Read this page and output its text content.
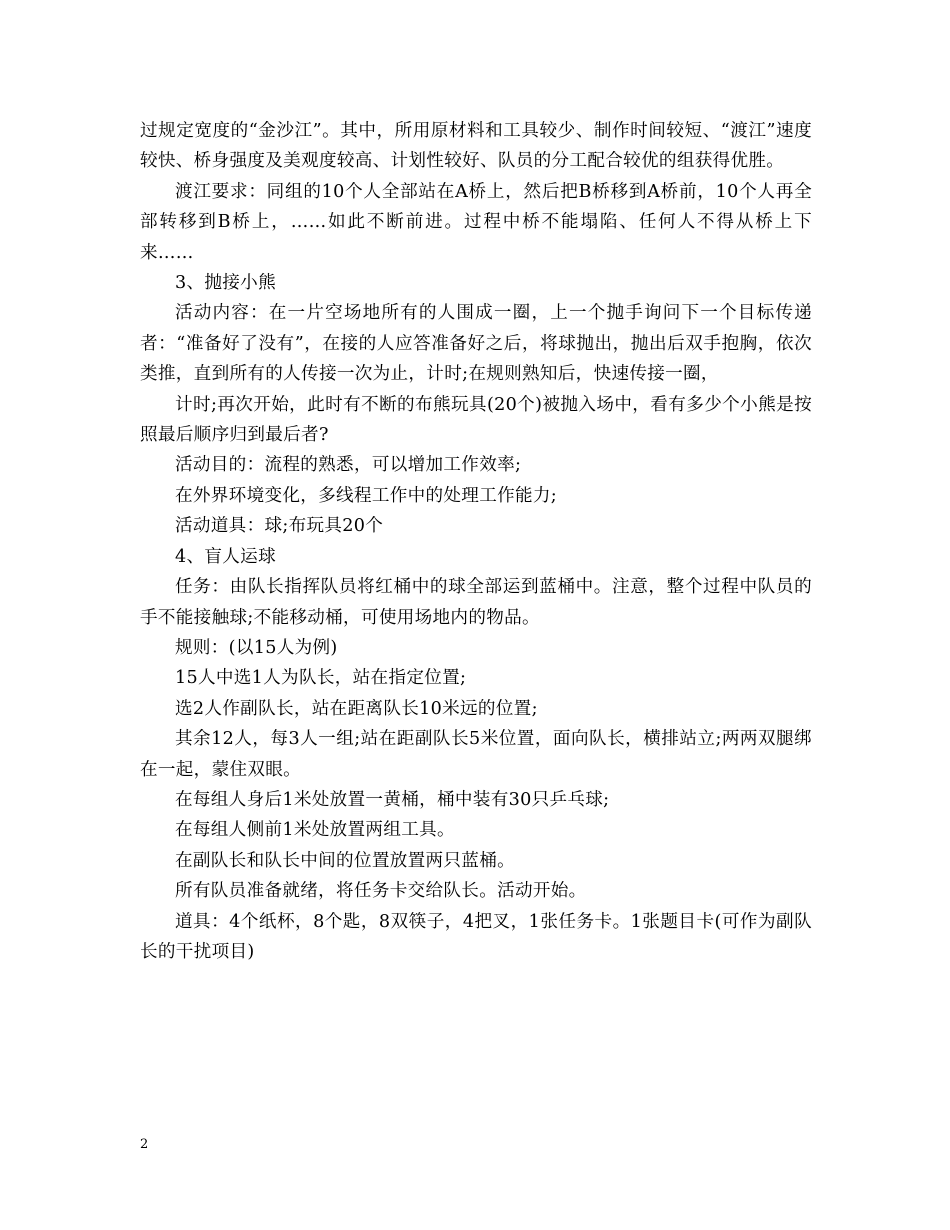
过规定宽度的“金沙江”。其中，所用原材料和工具较少、制作时间较短、“渡江”速度较快、桥身强度及美观度较高、计划性较好、队员的分工配合较优的组获得优胜。

渡江要求：同组的10个人全部站在A桥上，然后把B桥移到A桥前，10个人再全部转移到B桥上，……如此不断前进。过程中桥不能塌陷、任何人不得从桥上下来……

3、抛接小熊

活动内容：在一片空场地所有的人围成一圈，上一个抛手询问下一个目标传递者：“准备好了没有”，在接的人应答准备好之后，将球抛出，抛出后双手抱胸，依次类推，直到所有的人传接一次为止，计时;在规则熟知后，快速传接一圈，

计时;再次开始，此时有不断的布熊玩具(20个)被抛入场中，看有多少个小熊是按照最后顺序归到最后者?

活动目的：流程的熟悉，可以增加工作效率;

在外界环境变化，多线程工作中的处理工作能力;

活动道具：球;布玩具20个

4、盲人运球

任务：由队长指挥队员将红桶中的球全部运到蓝桶中。注意，整个过程中队员的手不能接触球;不能移动桶，可使用场地内的物品。

规则：(以15人为例)

15人中选1人为队长，站在指定位置;

选2人作副队长，站在距离队长10米远的位置;

其余12人，每3人一组;站在距副队长5米位置，面向队长，横排站立;两两双腿绑在一起，蒙住双眼。

在每组人身后1米处放置一黄桶，桶中装有30只乒乓球;

在每组人侧前1米处放置两组工具。

在副队长和队长中间的位置放置两只蓝桶。

所有队员准备就绪，将任务卡交给队长。活动开始。

道具：4个纸杯，8个匙，8双筷子，4把叉，1张任务卡。1张题目卡(可作为副队长的干扰项目)

2
